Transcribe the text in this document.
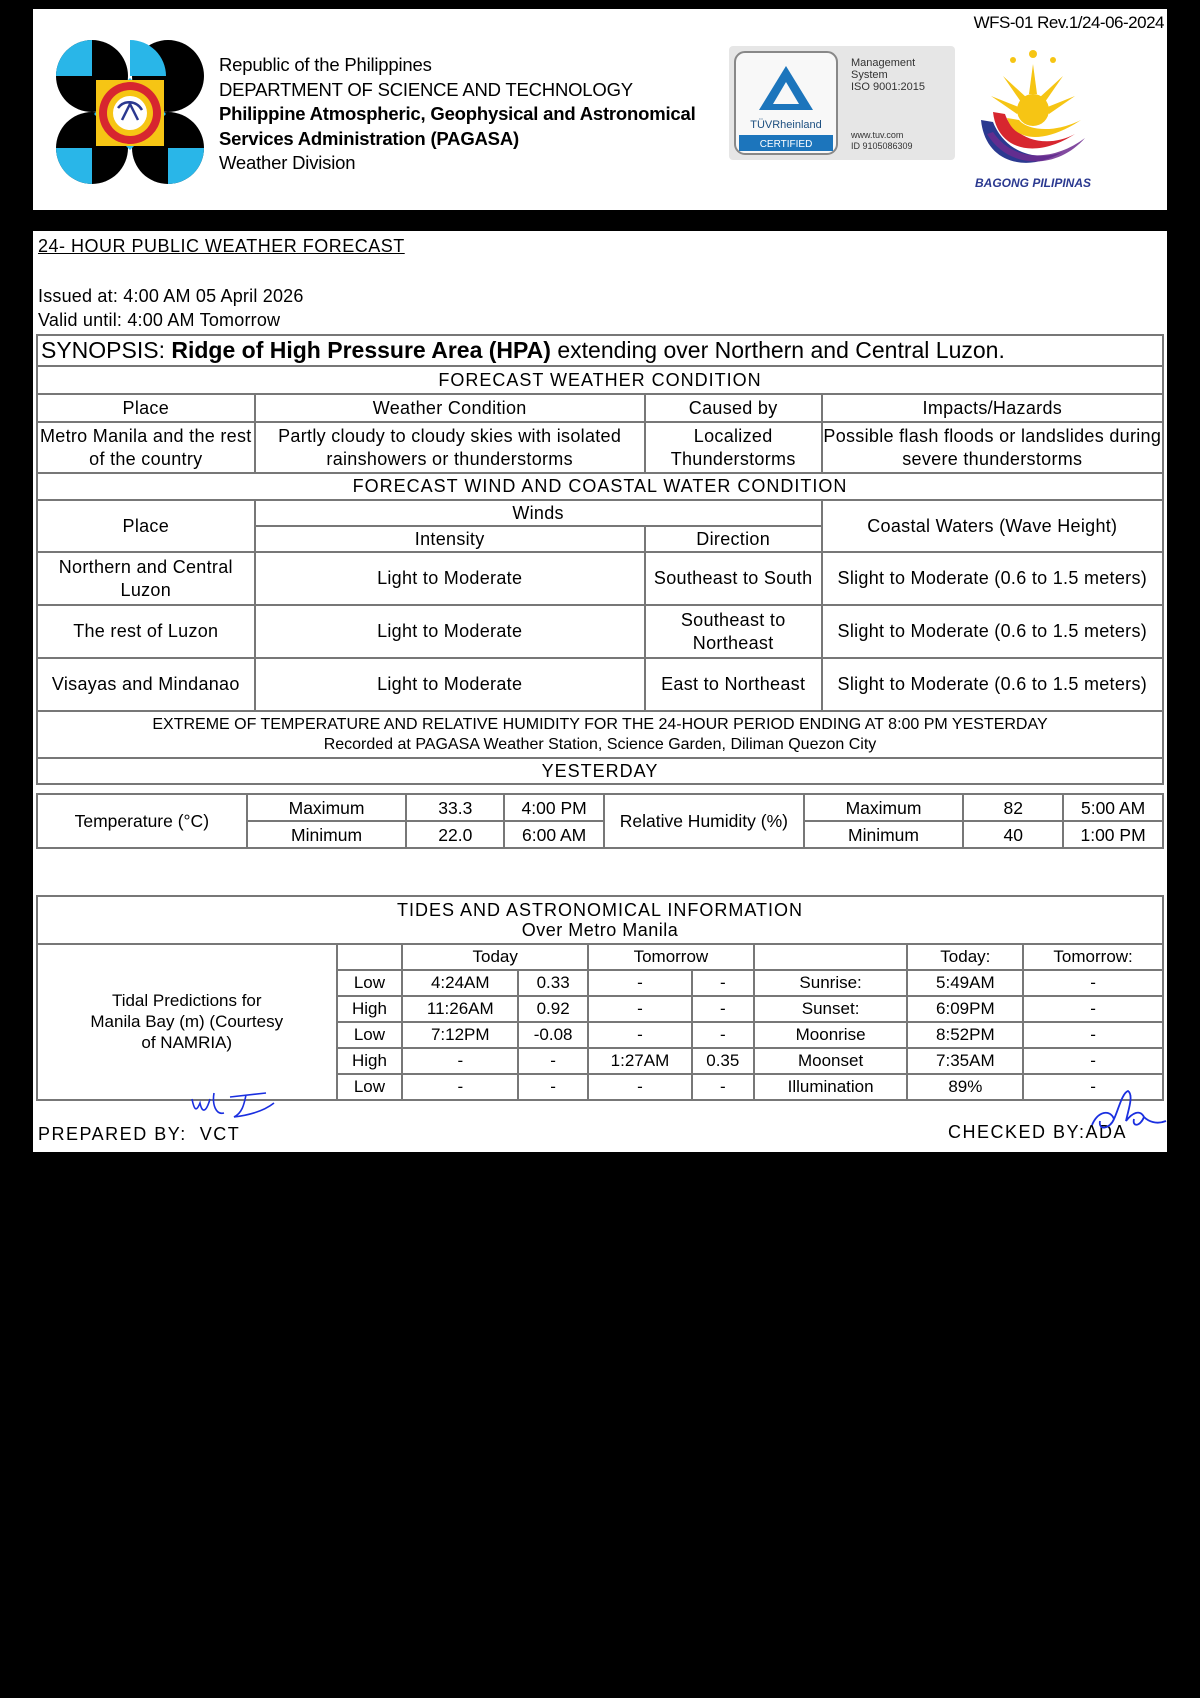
WFS-01 Rev.1/24-06-2024
Republic of the Philippines
DEPARTMENT OF SCIENCE AND TECHNOLOGY
Philippine Atmospheric, Geophysical and Astronomical
Services Administration (PAGASA)
Weather Division
TÜVRheinland
CERTIFIED
Management
System
ISO 9001:2015
www.tuv.com
ID 9105086309
BAGONG PILIPINAS
24- HOUR PUBLIC WEATHER FORECAST
Issued at: 4:00 AM 05 April 2026
Valid until: 4:00 AM Tomorrow
SYNOPSIS: Ridge of High Pressure Area (HPA) extending over Northern and Central Luzon.			
FORECAST WEATHER CONDITION			
Place	Weather Condition	Caused by	Impacts/Hazards
Metro Manila and the rest of the country	Partly cloudy to cloudy skies with isolated rainshowers or thunderstorms	Localized Thunderstorms	Possible flash floods or landslides during severe thunderstorms
FORECAST WIND AND COASTAL WATER CONDITION			
Place	Winds		Coastal Waters (Wave Height)
	Intensity	Direction	
Northern and Central Luzon	Light to Moderate	Southeast to South	Slight to Moderate (0.6 to 1.5 meters)
The rest of Luzon	Light to Moderate	Southeast to Northeast	Slight to Moderate (0.6 to 1.5 meters)
Visayas and Mindanao	Light to Moderate	East to Northeast	Slight to Moderate (0.6 to 1.5 meters)

EXTREME OF TEMPERATURE AND RELATIVE HUMIDITY FOR THE 24-HOUR PERIOD ENDING AT 8:00 PM YESTERDAY
Recorded at PAGASA Weather Station, Science Garden, Diliman Quezon City			

YESTERDAY			
Temperature (°C)	Maximum	33.3	4:00 PM	Relative Humidity (%)	Maximum	82	5:00 AM
	Minimum	22.0	6:00 AM		Minimum	40	1:00 PM
TIDES AND ASTRONOMICAL INFORMATION
Over Metro Manila								

Tidal Predictions for Manila Bay (m) (Courtesy of NAMRIA)		Today		Tomorrow			Today:	Tomorrow:
	Low	4:24AM	0.33	-	-	Sunrise:	5:49AM	-
	High	11:26AM	0.92	-	-	Sunset:	6:09PM	-
	Low	7:12PM	-0.08	-	-	Moonrise	8:52PM	-
	High	-	-	1:27AM	0.35	Moonset	7:35AM	-
	Low	-	-	-	-	Illumination	89%	-
PREPARED BY: VCT	CHECKED BY:ADA
